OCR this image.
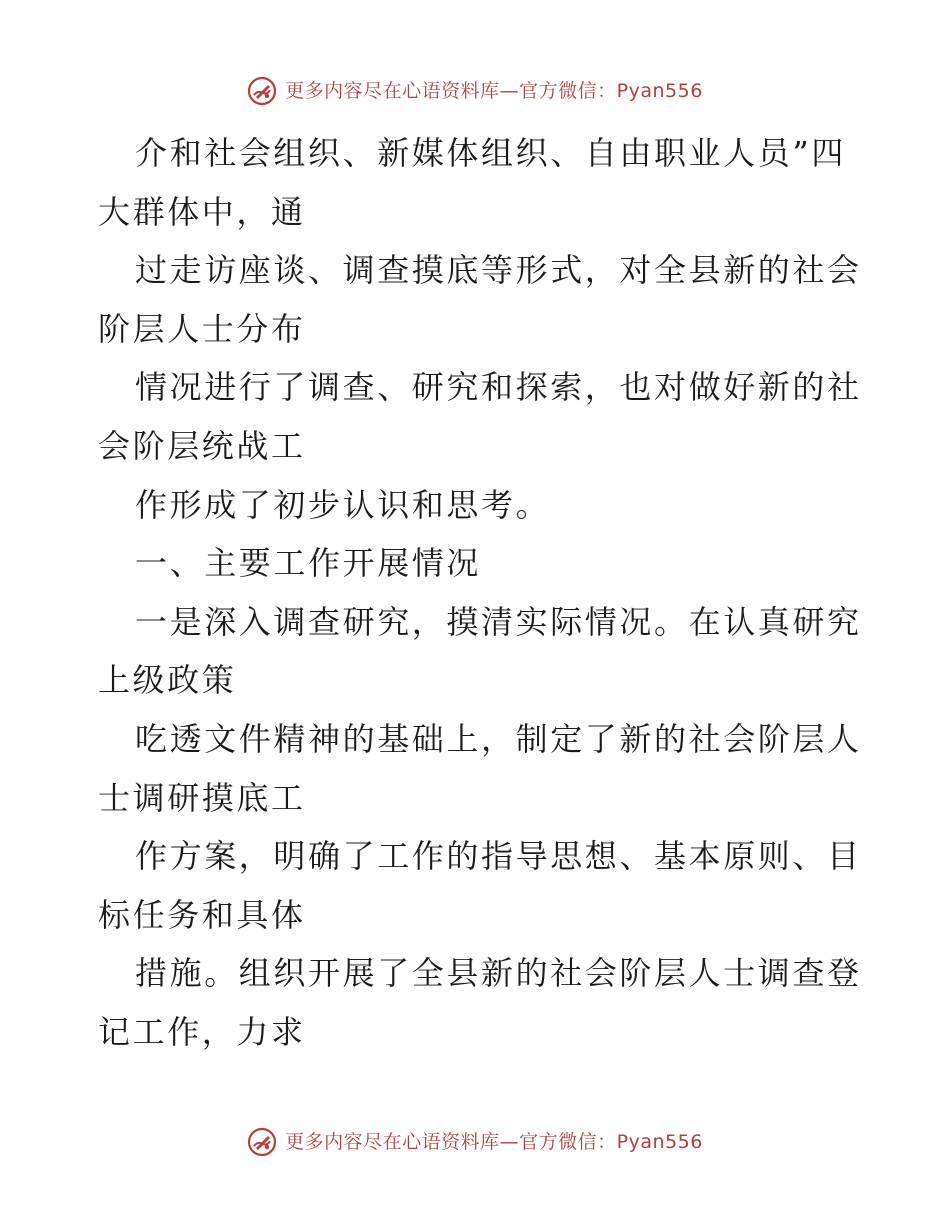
更多内容尽在心语资料库—官方微信：Pyan556

介和社会组织、新媒体组织、自由职业人员”四
大群体中，通

过走访座谈、调查摸底等形式，对全县新的社会
阶层人士分布

情况进行了调查、研究和探索，也对做好新的社
会阶层统战工

作形成了初步认识和思考。

一、主要工作开展情况

一是深入调查研究，摸清实际情况。在认真研究
上级政策

吃透文件精神的基础上，制定了新的社会阶层人
士调研摸底工

作方案，明确了工作的指导思想、基本原则、目
标任务和具体

措施。组织开展了全县新的社会阶层人士调查登
记工作，力求

更多内容尽在心语资料库—官方微信：Pyan556
